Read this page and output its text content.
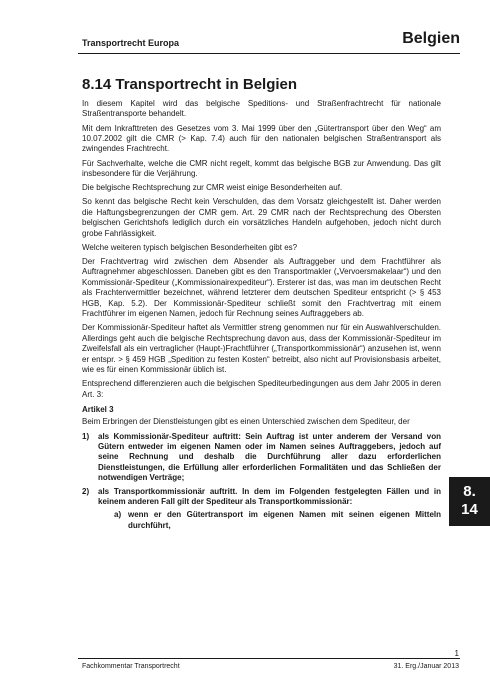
Transportrecht Europa	Belgien
8.14 Transportrecht in Belgien

In diesem Kapitel wird das belgische Speditions- und Straßenfrachtrecht für nationale Straßentransporte behandelt.

Mit dem Inkrafttreten des Gesetzes vom 3. Mai 1999 über den „Gütertransport über den Weg“ am 10.07.2002 gilt die CMR (> Kap. 7.4) auch für den nationalen belgischen Straßentransport als zwingendes Frachtrecht.

Für Sachverhalte, welche die CMR nicht regelt, kommt das belgische BGB zur Anwendung. Das gilt insbesondere für die Verjährung.

Die belgische Rechtsprechung zur CMR weist einige Besonderheiten auf.

So kennt das belgische Recht kein Verschulden, das dem Vorsatz gleichgestellt ist. Daher werden die Haftungsbegrenzungen der CMR gem. Art. 29 CMR nach der Rechtsprechung des Obersten belgischen Gerichtshofs lediglich durch ein vorsätzliches Handeln aufgehoben, jedoch nicht durch grobe Fahrlässigkeit.

Welche weiteren typisch belgischen Besonderheiten gibt es?

Der Frachtvertrag wird zwischen dem Absender als Auftraggeber und dem Frachtführer als Auftragnehmer abgeschlossen. Daneben gibt es den Transportmakler („Vervoersmakelaar“) und den Kommissionär-Spediteur („Kommissionairexpediteur“). Ersterer ist das, was man im deutschen Recht als Frachtenvermittler bezeichnet, während letzterer dem deutschen Spediteur entspricht (> § 453 HGB, Kap. 5.2). Der Kommissionär-Spediteur schließt somit den Frachtvertrag mit einem Frachtführer im eigenen Namen, jedoch für Rechnung seines Auftraggebers ab.

Der Kommissionär-Spediteur haftet als Vermittler streng genommen nur für ein Auswahlverschulden. Allerdings geht auch die belgische Rechtsprechung davon aus, dass der Kommissionär-Spediteur im Zweifelsfall als ein vertraglicher (Haupt-)Frachtführer („Transportkommissionär“) anzusehen ist, wenn er entspr. > § 459 HGB „Spedition zu festen Kosten“ betreibt, also nicht auf Provisionsbasis arbeitet, wie es für einen Kommissionär üblich ist.

Entsprechend differenzieren auch die belgischen Spediteurbedingungen aus dem Jahr 2005 in deren Art. 3:

Artikel 3

Beim Erbringen der Dienstleistungen gibt es einen Unterschied zwischen dem Spediteur, der

1)	als Kommissionär-Spediteur auftritt: Sein Auftrag ist unter anderem der Versand von Gütern entweder im eigenen Namen oder im Namen seines Auftraggebers, jedoch auf seine Rechnung und deshalb die Durchführung aller dazu erforderlichen Dienstleistungen, die Erfüllung aller erforderlichen Formalitäten und das Schließen der notwendigen Verträge;
2)	als Transportkommissionär auftritt. In dem im Folgenden festgelegten Fällen und in keinem anderen Fall gilt der Spediteur als Transportkommissionär:
a) wenn er den Gütertransport im eigenen Namen mit seinen eigenen Mitteln durchführt,
8.
14
1
Fachkommentar Transportrecht	31. Erg./Januar 2013
